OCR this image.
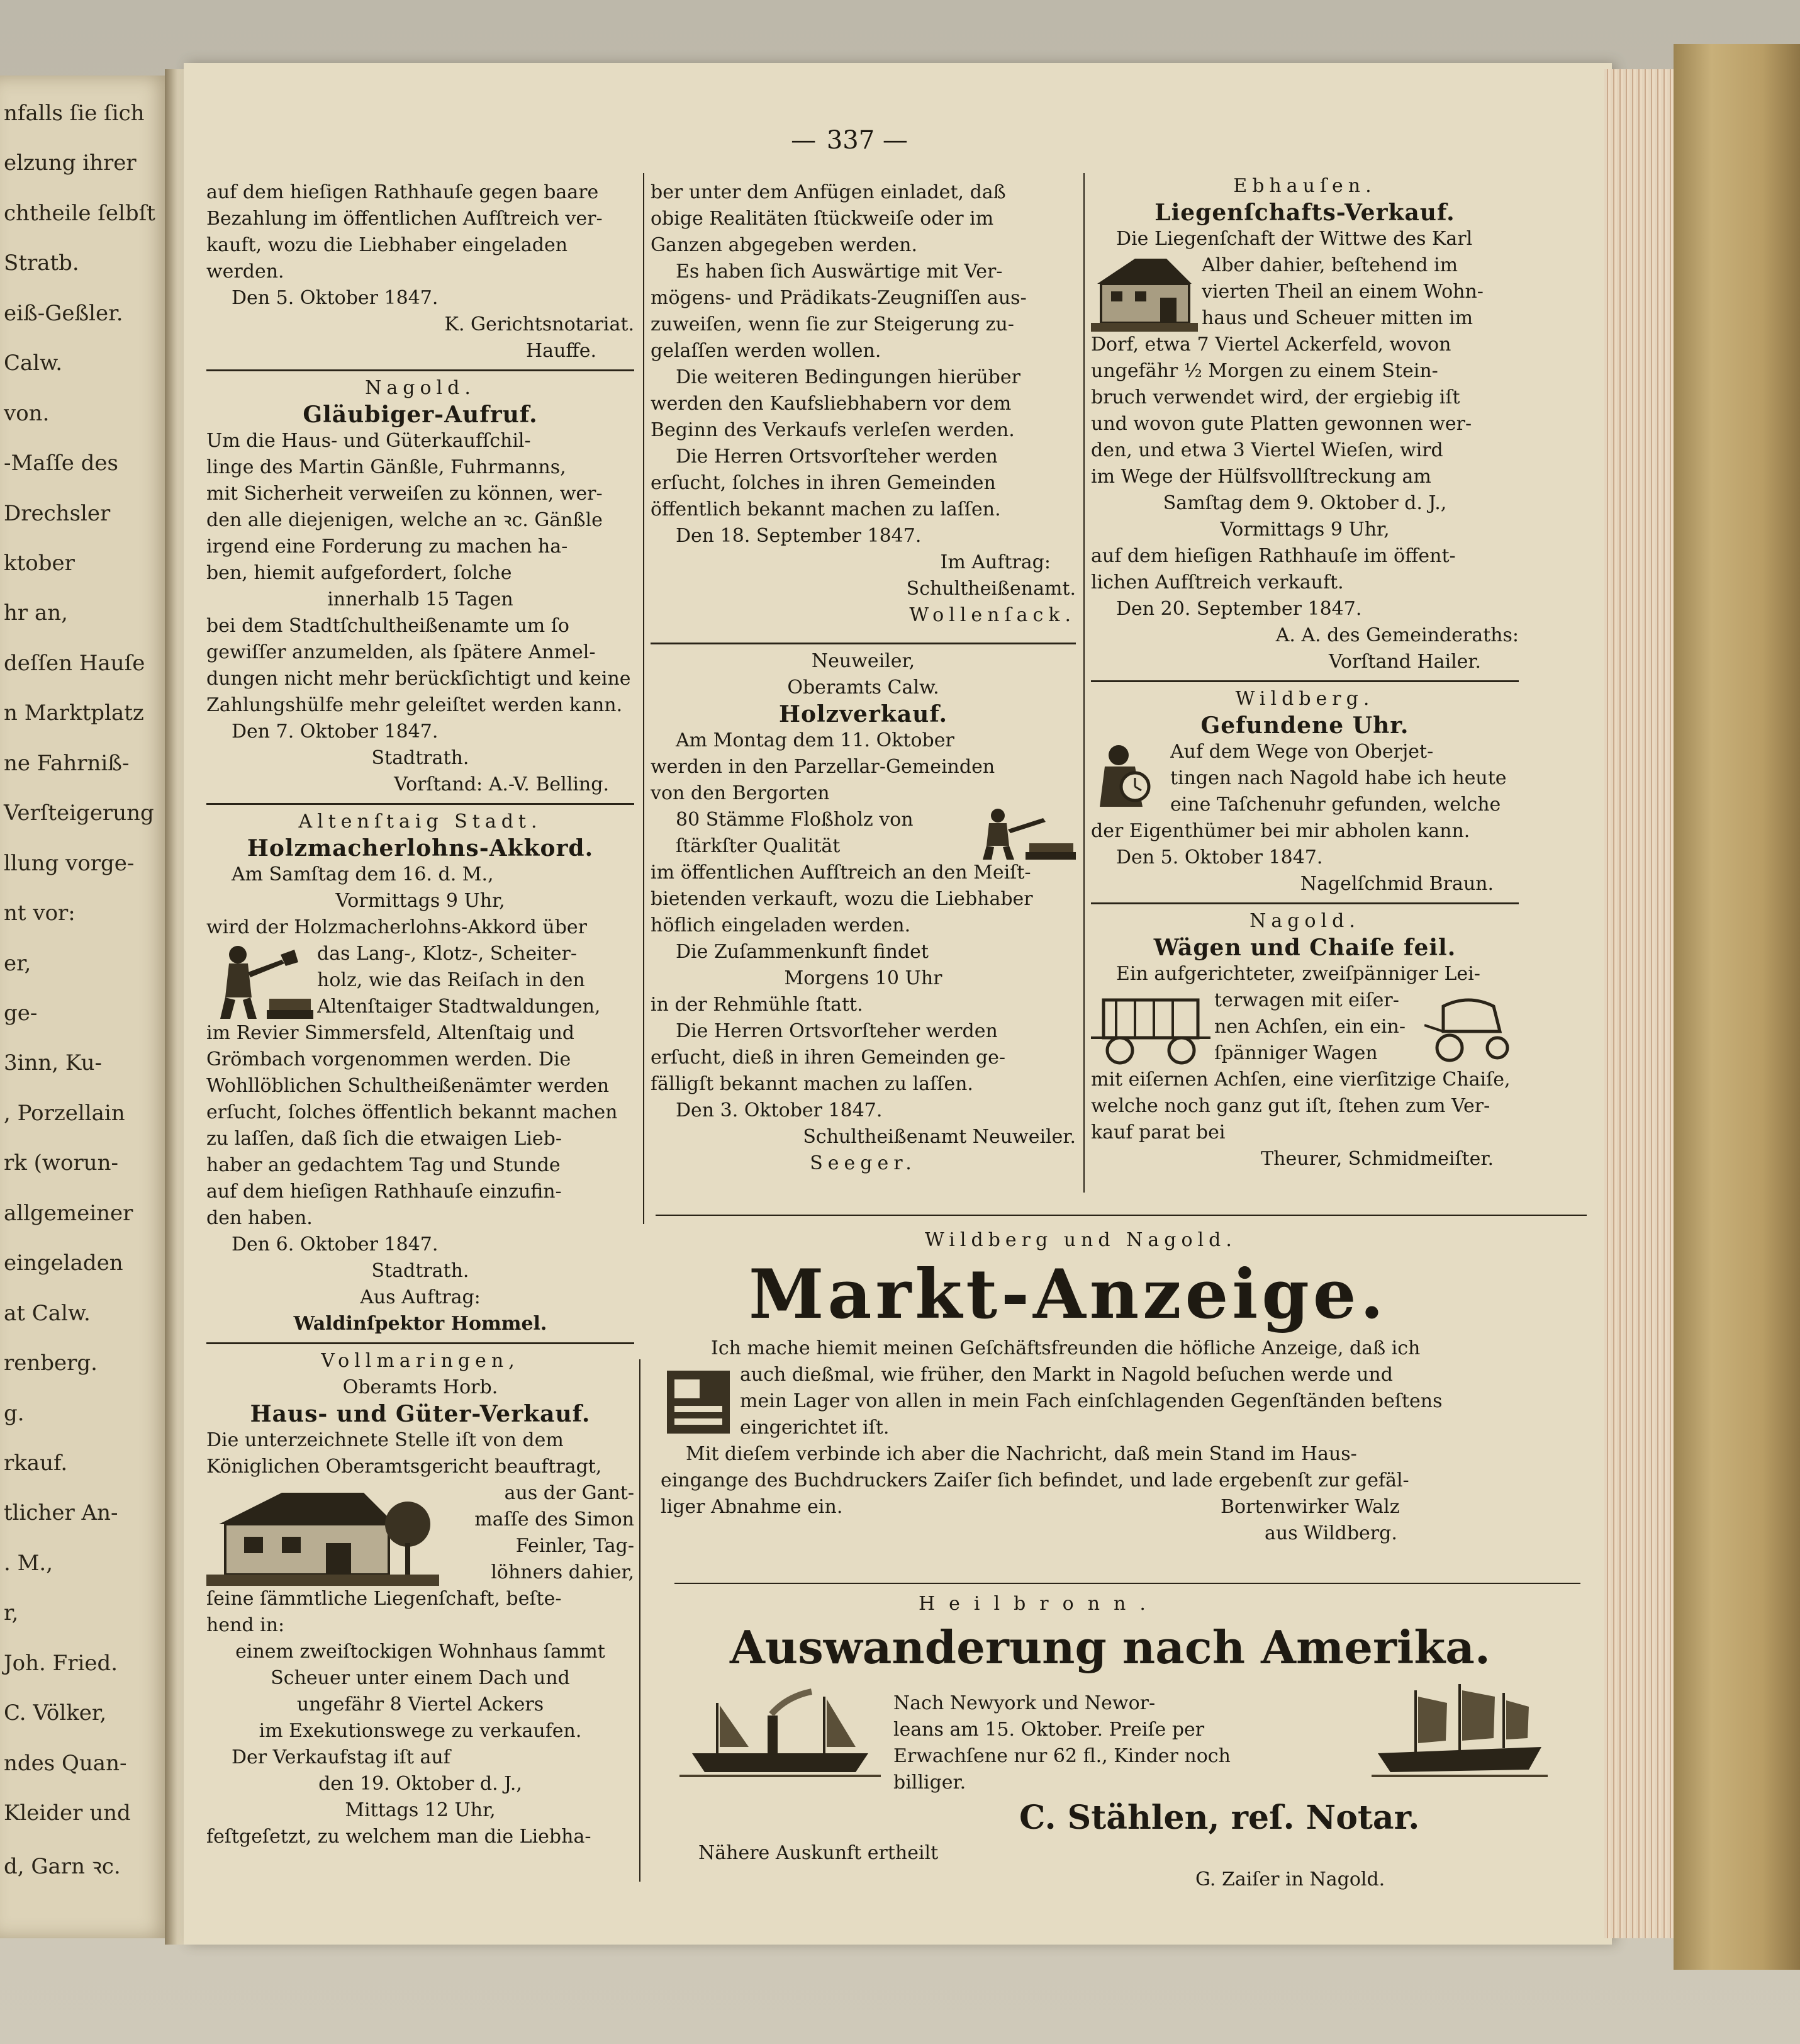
nfalls ſie ſich
elzung ihrer
chtheile ſelbſt
Stratb.
eiß-Geßler.
Calw.
von.
-Maſſe des
Drechsler
ktober
hr an,
deſſen Hauſe
n Marktplatz
ne Fahrniß-
Verſteigerung
llung vorge-
nt vor:
er,
ge-
3inn, Ku-
, Porzellain
rk (worun-
allgemeiner
eingeladen
at Calw.
renberg.
g.
rkauf.
tlicher An-
. M.,
r,
Joh. Fried.
C. Völker,
ndes Quan-
Kleider und
d, Garn ꝛc.
— 337 —

auf dem hieſigen Rathhauſe gegen baare

Bezahlung im öffentlichen Aufſtreich ver-

kauft, wozu die Liebhaber eingeladen

werden.

Den 5. Oktober 1847.

K. Gerichtsnotariat.

Hauffe.

Nagold.

Gläubiger-Aufruf.

Um die Haus- und Güterkaufſchil-

linge des Martin Gänßle, Fuhrmanns,

mit Sicherheit verweiſen zu können, wer-

den alle diejenigen, welche an ꝛc. Gänßle

irgend eine Forderung zu machen ha-

ben, hiemit aufgefordert, ſolche

innerhalb 15 Tagen

bei dem Stadtſchultheißenamte um ſo

gewiſſer anzumelden, als ſpätere Anmel-

dungen nicht mehr berückſichtigt und keine

Zahlungshülfe mehr geleiſtet werden kann.

Den 7. Oktober 1847.

Stadtrath.

Vorſtand: A.-V. Belling.

Altenſtaig Stadt.

Holzmacherlohns-Akkord.

Am Samſtag dem 16. d. M.,

Vormittags 9 Uhr,

wird der Holzmacherlohns-Akkord über

das Lang-, Klotz-, Scheiter-

holz, wie das Reiſach in den

Altenſtaiger Stadtwaldungen,

im Revier Simmersfeld, Altenſtaig und

Grömbach vorgenommen werden. Die

Wohllöblichen Schultheißenämter werden

erſucht, ſolches öffentlich bekannt machen

zu laſſen, daß ſich die etwaigen Lieb-

haber an gedachtem Tag und Stunde

auf dem hieſigen Rathhauſe einzufin-

den haben.

Den 6. Oktober 1847.

Stadtrath.

Aus Auftrag:

Waldinſpektor Hommel.

Vollmaringen,

Oberamts Horb.

Haus- und Güter-Verkauf.

Die unterzeichnete Stelle iſt von dem

Königlichen Oberamtsgericht beauftragt,

aus der Gant-

maſſe des Simon

Feinler, Tag-

löhners dahier,

ſeine ſämmtliche Liegenſchaft, beſte-

hend in:

einem zweiſtockigen Wohnhaus ſammt

Scheuer unter einem Dach und

ungefähr 8 Viertel Ackers

im Exekutionswege zu verkaufen.

Der Verkaufstag iſt auf

den 19. Oktober d. J.,

Mittags 12 Uhr,

feſtgeſetzt, zu welchem man die Liebha-

ber unter dem Anfügen einladet, daß

obige Realitäten ſtückweiſe oder im

Ganzen abgegeben werden.

Es haben ſich Auswärtige mit Ver-

mögens- und Prädikats-Zeugniſſen aus-

zuweiſen, wenn ſie zur Steigerung zu-

gelaſſen werden wollen.

Die weiteren Bedingungen hierüber

werden den Kaufsliebhabern vor dem

Beginn des Verkaufs verleſen werden.

Die Herren Ortsvorſteher werden

erſucht, ſolches in ihren Gemeinden

öffentlich bekannt machen zu laſſen.

Den 18. September 1847.

Im Auftrag:

Schultheißenamt.

Wollenſack.

Neuweiler,

Oberamts Calw.

Holzverkauf.

Am Montag dem 11. Oktober

werden in den Parzellar-Gemeinden

von den Bergorten

80 Stämme Floßholz von

ſtärkſter Qualität

im öffentlichen Aufſtreich an den Meiſt-

bietenden verkauft, wozu die Liebhaber

höflich eingeladen werden.

Die Zuſammenkunft findet

Morgens 10 Uhr

in der Rehmühle ſtatt.

Die Herren Ortsvorſteher werden

erſucht, dieß in ihren Gemeinden ge-

fälligſt bekannt machen zu laſſen.

Den 3. Oktober 1847.

Schultheißenamt Neuweiler.

Seeger.

Ebhauſen.

Liegenſchafts-Verkauf.

Die Liegenſchaft der Wittwe des Karl

Alber dahier, beſtehend im

vierten Theil an einem Wohn-

haus und Scheuer mitten im

Dorf, etwa 7 Viertel Ackerfeld, wovon

ungefähr ½ Morgen zu einem Stein-

bruch verwendet wird, der ergiebig iſt

und wovon gute Platten gewonnen wer-

den, und etwa 3 Viertel Wieſen, wird

im Wege der Hülfsvollſtreckung am

Samſtag dem 9. Oktober d. J.,

Vormittags 9 Uhr,

auf dem hieſigen Rathhauſe im öffent-

lichen Aufſtreich verkauft.

Den 20. September 1847.

A. A. des Gemeinderaths:

Vorſtand Hailer.

Wildberg.

Gefundene Uhr.

Auf dem Wege von Oberjet-

tingen nach Nagold habe ich heute

eine Taſchenuhr gefunden, welche

der Eigenthümer bei mir abholen kann.

Den 5. Oktober 1847.

Nagelſchmid Braun.

Nagold.

Wägen und Chaiſe feil.

Ein aufgerichteter, zweiſpänniger Lei-

terwagen mit eiſer-

nen Achſen, ein ein-

ſpänniger Wagen

mit eiſernen Achſen, eine vierſitzige Chaiſe,

welche noch ganz gut iſt, ſtehen zum Ver-

kauf parat bei

Theurer, Schmidmeiſter.

Wildberg und Nagold.

Markt-Anzeige.

Ich mache hiemit meinen Geſchäftsfreunden die höfliche Anzeige, daß ich

auch dießmal, wie früher, den Markt in Nagold beſuchen werde und

mein Lager von allen in mein Fach einſchlagenden Gegenſtänden beſtens

eingerichtet iſt.

Mit dieſem verbinde ich aber die Nachricht, daß mein Stand im Haus-

eingange des Buchdruckers Zaiſer ſich befindet, und lade ergebenſt zur gefäl-

liger Abnahme ein.	Bortenwirker Walz

aus Wildberg.

Heilbronn.

Auswanderung nach Amerika.

Nach Newyork und Newor-

leans am 15. Oktober. Preiſe per

Erwachſene nur 62 fl., Kinder noch

billiger.

C. Stählen, reſ. Notar.

Nähere Auskunft ertheilt

G. Zaiſer in Nagold.
